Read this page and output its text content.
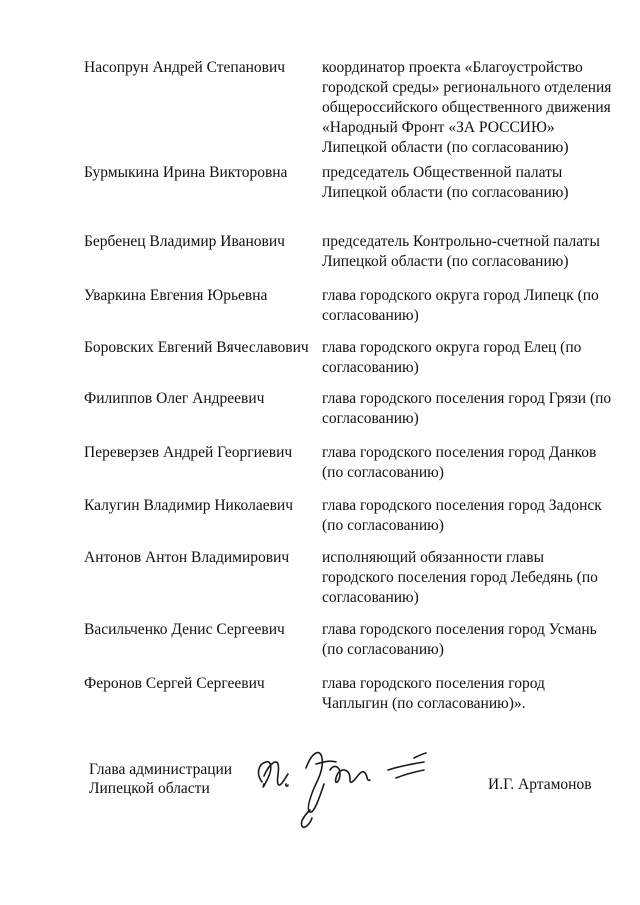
Насопрун Андрей Степанович	координатор проекта «Благоустройство
городской среды» регионального отделения
общероссийского общественного движения
«Народный Фронт «ЗА РОССИЮ»
Липецкой области (по согласованию)
Бурмыкина Ирина Викторовна	председатель Общественной палаты
Липецкой области (по согласованию)
Бербенец Владимир Иванович	председатель Контрольно-счетной палаты
Липецкой области (по согласованию)
Уваркина Евгения Юрьевна	глава городского округа город Липецк (по
согласованию)
Боровских Евгений Вячеславович глава городского округа город Елец (по
согласованию)
Филиппов Олег Андреевич	глава городского поселения город Грязи (по
согласованию)
Переверзев Андрей Георгиевич	глава городского поселения город Данков
(по согласованию)
Калугин Владимир Николаевич	глава городского поселения город Задонск
(по согласованию)
Антонов Антон Владимирович	исполняющий обязанности главы
городского поселения город Лебедянь (по
согласованию)
Васильченко Денис Сергеевич	глава городского поселения город Усмань
(по согласованию)
Феронов Сергей Сергеевич	глава городского поселения город
Чаплыгин (по согласованию)».
Глава администрации
Липецкой области	И.Г. Артамонов
